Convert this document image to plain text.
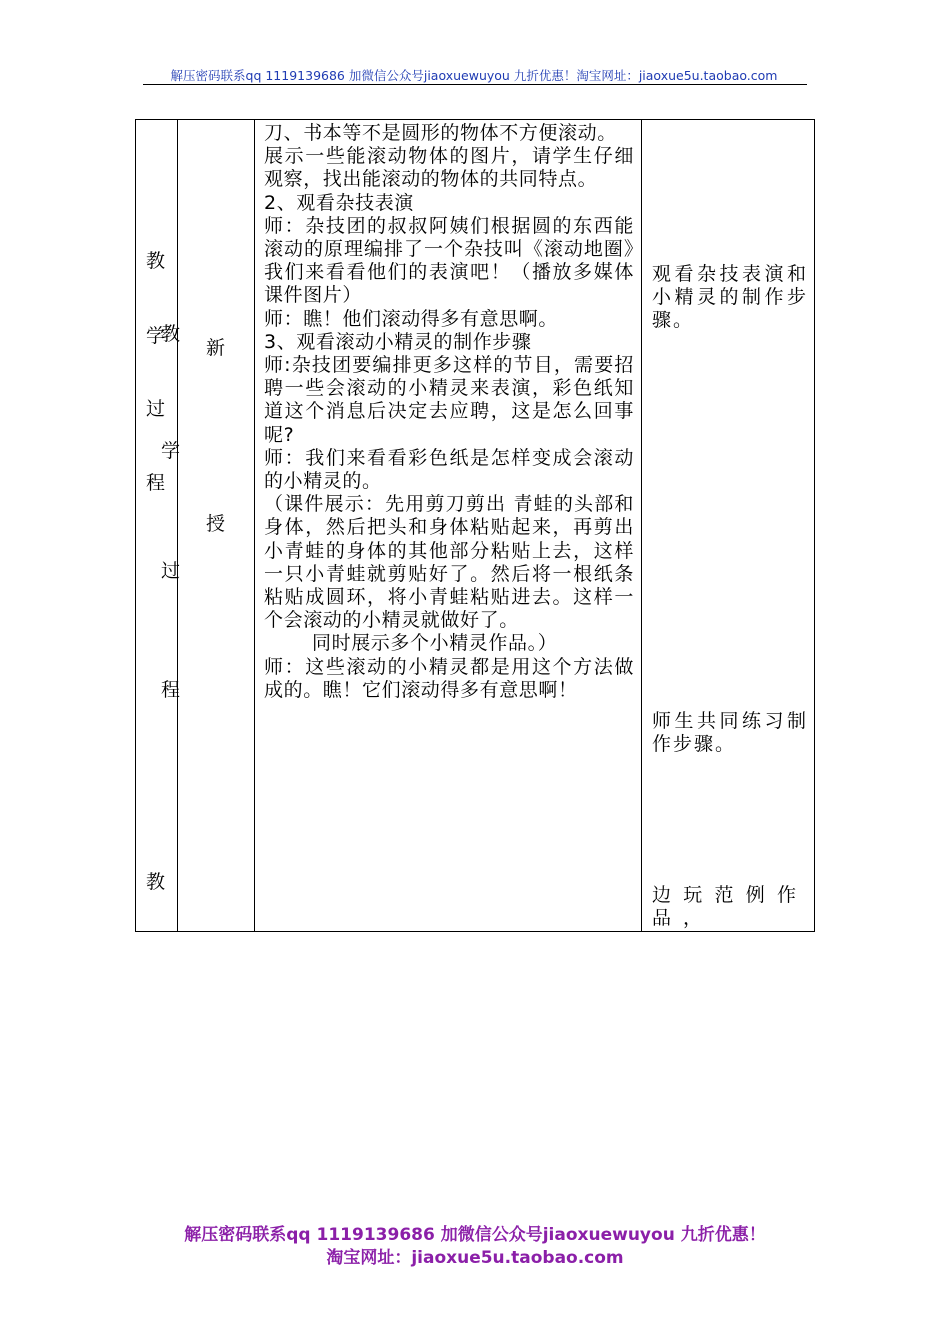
解压密码联系qq 1119139686 加微信公众号jiaoxuewuyou 九折优惠！淘宝网址：jiaoxue5u.taobao.com
教
学
过
程
教
教
学
过
程
新
授

刀、书本等不是圆形的物体不方便滚动。

展示一些能滚动物体的图片，请学生仔细观察，找出能滚动的物体的共同特点。

2、观看杂技表演

师：杂技团的叔叔阿姨们根据圆的东西能滚动的原理编排了一个杂技叫《滚动地圈》我们来看看他们的表演吧！（播放多媒体课件图片）

师：瞧！他们滚动得多有意思啊。

3、观看滚动小精灵的制作步骤

师:杂技团要编排更多这样的节目，需要招聘一些会滚动的小精灵来表演，彩色纸知道这个消息后决定去应聘，这是怎么回事呢?

师：我们来看看彩色纸是怎样变成会滚动的小精灵的。

（课件展示：先用剪刀剪出 青蛙的头部和身体，然后把头和身体粘贴起来，再剪出小青蛙的身体的其他部分粘贴上去，这样一只小青蛙就剪贴好了。然后将一根纸条粘贴成圆环，将小青蛙粘贴进去。这样一个会滚动的小精灵就做好了。

同时展示多个小精灵作品。）

师：这些滚动的小精灵都是用这个方法做成的。瞧！它们滚动得多有意思啊！

观看杂技表演和小精灵的制作步骤。
师生共同练习制作步骤。
边玩范例作品，
解压密码联系qq 1119139686 加微信公众号jiaoxuewuyou 九折优惠！
淘宝网址：jiaoxue5u.taobao.com
